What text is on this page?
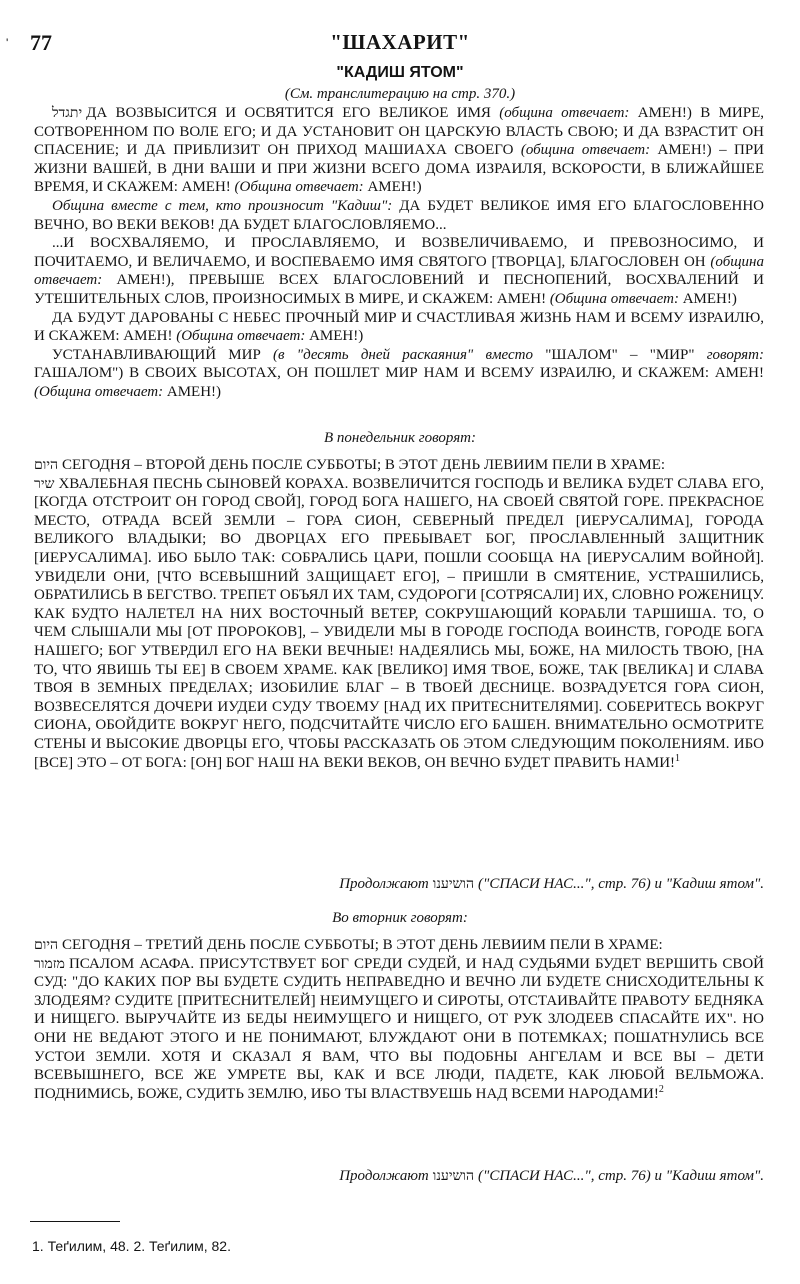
' 77	"ШАХАРИТ"
"КАДИШ ЯТОМ"
(См. транслитерацию на стр. 370.)

יתגדל ДА ВОЗВЫСИТСЯ И ОСВЯТИТСЯ ЕГО ВЕЛИКОЕ ИМЯ (община отвечает: АМЕН!) В МИРЕ, СОТВОРЕННОМ ПО ВОЛЕ ЕГО; И ДА УСТАНОВИТ ОН ЦАРСКУЮ ВЛАСТЬ СВОЮ; И ДА ВЗРАСТИТ ОН СПАСЕНИЕ; И ДА ПРИБЛИЗИТ ОН ПРИХОД МАШИАХА СВОЕГО (община отвечает: АМЕН!) – ПРИ ЖИЗНИ ВАШЕЙ, В ДНИ ВАШИ И ПРИ ЖИЗНИ ВСЕГО ДОМА ИЗРАИЛЯ, ВСКОРОСТИ, В БЛИЖАЙШЕЕ ВРЕМЯ, И СКАЖЕМ: АМЕН! (Община отвечает: АМЕН!)

Община вместе с тем, кто произносит "Кадиш": ДА БУДЕТ ВЕЛИКОЕ ИМЯ ЕГО БЛАГОСЛОВЕННО ВЕЧНО, ВО ВЕКИ ВЕКОВ! ДА БУДЕТ БЛАГОСЛОВЛЯЕМО...

...И ВОСХВАЛЯЕМО, И ПРОСЛАВЛЯЕМО, И ВОЗВЕЛИЧИВАЕМО, И ПРЕВОЗНОСИМО, И ПОЧИТАЕМО, И ВЕЛИЧАЕМО, И ВОСПЕВАЕМО ИМЯ СВЯТОГО [ТВОРЦА], БЛАГОСЛОВЕН ОН (община отвечает: АМЕН!), ПРЕВЫШЕ ВСЕХ БЛАГОСЛОВЕНИЙ И ПЕСНОПЕНИЙ, ВОСХВАЛЕНИЙ И УТЕШИТЕЛЬНЫХ СЛОВ, ПРОИЗНОСИМЫХ В МИРЕ, И СКАЖЕМ: АМЕН! (Община отвечает: АМЕН!)

ДА БУДУТ ДАРОВАНЫ С НЕБЕС ПРОЧНЫЙ МИР И СЧАСТЛИВАЯ ЖИЗНЬ НАМ И ВСЕМУ ИЗРАИЛЮ, И СКАЖЕМ: АМЕН! (Община отвечает: АМЕН!)

УСТАНАВЛИВАЮЩИЙ МИР (в "десять дней раскаяния" вместо "ШАЛОМ" – "МИР" говорят: ГАШАЛОМ") В СВОИХ ВЫСОТАХ, ОН ПОШЛЕТ МИР НАМ И ВСЕМУ ИЗРАИЛЮ, И СКАЖЕМ: АМЕН! (Община отвечает: АМЕН!)

В понедельник говорят:

היום СЕГОДНЯ – ВТОРОЙ ДЕНЬ ПОСЛЕ СУББОТЫ; В ЭТОТ ДЕНЬ ЛЕВИИМ ПЕЛИ В ХРАМЕ:

שיר ХВАЛЕБНАЯ ПЕСНЬ СЫНОВЕЙ КОРАХА. ВОЗВЕЛИЧИТСЯ ГОСПОДЬ И ВЕЛИКА БУДЕТ СЛАВА ЕГО, [КОГДА ОТСТРОИТ ОН ГОРОД СВОЙ], ГОРОД БОГА НАШЕГО, НА СВОЕЙ СВЯТОЙ ГОРЕ. ПРЕКРАСНОЕ МЕСТО, ОТРАДА ВСЕЙ ЗЕМЛИ – ГОРА СИОН, СЕВЕРНЫЙ ПРЕДЕЛ [ИЕРУСАЛИМА], ГОРОДА ВЕЛИКОГО ВЛАДЫКИ; ВО ДВОРЦАХ ЕГО ПРЕБЫВАЕТ БОГ, ПРОСЛАВЛЕННЫЙ ЗАЩИТНИК [ИЕРУСАЛИМА]. ИБО БЫЛО ТАК: СОБРАЛИСЬ ЦАРИ, ПОШЛИ СООБЩА НА [ИЕРУСАЛИМ ВОЙНОЙ]. УВИДЕЛИ ОНИ, [ЧТО ВСЕВЫШНИЙ ЗАЩИЩАЕТ ЕГО], – ПРИШЛИ В СМЯТЕНИЕ, УСТРАШИЛИСЬ, ОБРАТИЛИСЬ В БЕГСТВО. ТРЕПЕТ ОБЪЯЛ ИХ ТАМ, СУДОРОГИ [СОТРЯСАЛИ] ИХ, СЛОВНО РОЖЕНИЦУ. КАК БУДТО НАЛЕТЕЛ НА НИХ ВОСТОЧНЫЙ ВЕТЕР, СОКРУШАЮЩИЙ КОРАБЛИ ТАРШИША. ТО, О ЧЕМ СЛЫШАЛИ МЫ [ОТ ПРОРОКОВ], – УВИДЕЛИ МЫ В ГОРОДЕ ГОСПОДА ВОИНСТВ, ГОРОДЕ БОГА НАШЕГО; БОГ УТВЕРДИЛ ЕГО НА ВЕКИ ВЕЧНЫЕ! НАДЕЯЛИСЬ МЫ, БОЖЕ, НА МИЛОСТЬ ТВОЮ, [НА ТО, ЧТО ЯВИШЬ ТЫ ЕЕ] В СВОЕМ ХРАМЕ. КАК [ВЕЛИКО] ИМЯ ТВОЕ, БОЖЕ, ТАК [ВЕЛИКА] И СЛАВА ТВОЯ В ЗЕМНЫХ ПРЕДЕЛАХ; ИЗОБИЛИЕ БЛАГ – В ТВОЕЙ ДЕСНИЦЕ. ВОЗРАДУЕТСЯ ГОРА СИОН, ВОЗВЕСЕЛЯТСЯ ДОЧЕРИ ИУДЕИ СУДУ ТВОЕМУ [НАД ИХ ПРИТЕСНИТЕЛЯМИ]. СОБЕРИТЕСЬ ВОКРУГ СИОНА, ОБОЙДИТЕ ВОКРУГ НЕГО, ПОДСЧИТАЙТЕ ЧИСЛО ЕГО БАШЕН. ВНИМАТЕЛЬНО ОСМОТРИТЕ СТЕНЫ И ВЫСОКИЕ ДВОРЦЫ ЕГО, ЧТОБЫ РАССКАЗАТЬ ОБ ЭТОМ СЛЕДУЮЩИМ ПОКОЛЕНИЯМ. ИБО [ВСЕ] ЭТО – ОТ БОГА: [ОН] БОГ НАШ НА ВЕКИ ВЕКОВ, ОН ВЕЧНО БУДЕТ ПРАВИТЬ НАМИ!$^1$

Продолжают הושיענו ("СПАСИ НАС...", стр. 76) и "Кадиш ятом".
Во вторник говорят:

היום СЕГОДНЯ – ТРЕТИЙ ДЕНЬ ПОСЛЕ СУББОТЫ; В ЭТОТ ДЕНЬ ЛЕВИИМ ПЕЛИ В ХРАМЕ:

מזמור ПСАЛОМ АСАФА. ПРИСУТСТВУЕТ БОГ СРЕДИ СУДЕЙ, И НАД СУДЬЯМИ БУДЕТ ВЕРШИТЬ СВОЙ СУД: "ДО КАКИХ ПОР ВЫ БУДЕТЕ СУДИТЬ НЕПРАВЕДНО И ВЕЧНО ЛИ БУДЕТЕ СНИСХОДИТЕЛЬНЫ К ЗЛОДЕЯМ? СУДИТЕ [ПРИТЕСНИТЕЛЕЙ] НЕИМУЩЕГО И СИРОТЫ, ОТСТАИВАЙТЕ ПРАВОТУ БЕДНЯКА И НИЩЕГО. ВЫРУЧАЙТЕ ИЗ БЕДЫ НЕИМУЩЕГО И НИЩЕГО, ОТ РУК ЗЛОДЕЕВ СПАСАЙТЕ ИХ". НО ОНИ НЕ ВЕДАЮТ ЭТОГО И НЕ ПОНИМАЮТ, БЛУЖДАЮТ ОНИ В ПОТЕМКАХ; ПОШАТНУЛИСЬ ВСЕ УСТОИ ЗЕМЛИ. ХОТЯ И СКАЗАЛ Я ВАМ, ЧТО ВЫ ПОДОБНЫ АНГЕЛАМ И ВСЕ ВЫ – ДЕТИ ВСЕВЫШНЕГО, ВСЕ ЖЕ УМРЕТЕ ВЫ, КАК И ВСЕ ЛЮДИ, ПАДЕТЕ, КАК ЛЮБОЙ ВЕЛЬМОЖА. ПОДНИМИСЬ, БОЖЕ, СУДИТЬ ЗЕМЛЮ, ИБО ТЫ ВЛАСТВУЕШЬ НАД ВСЕМИ НАРОДАМИ!$^2$

Продолжают הושיענו ("СПАСИ НАС...", стр. 76) и "Кадиш ятом".
1. Теґилим, 48. 2. Теґилим, 82.
